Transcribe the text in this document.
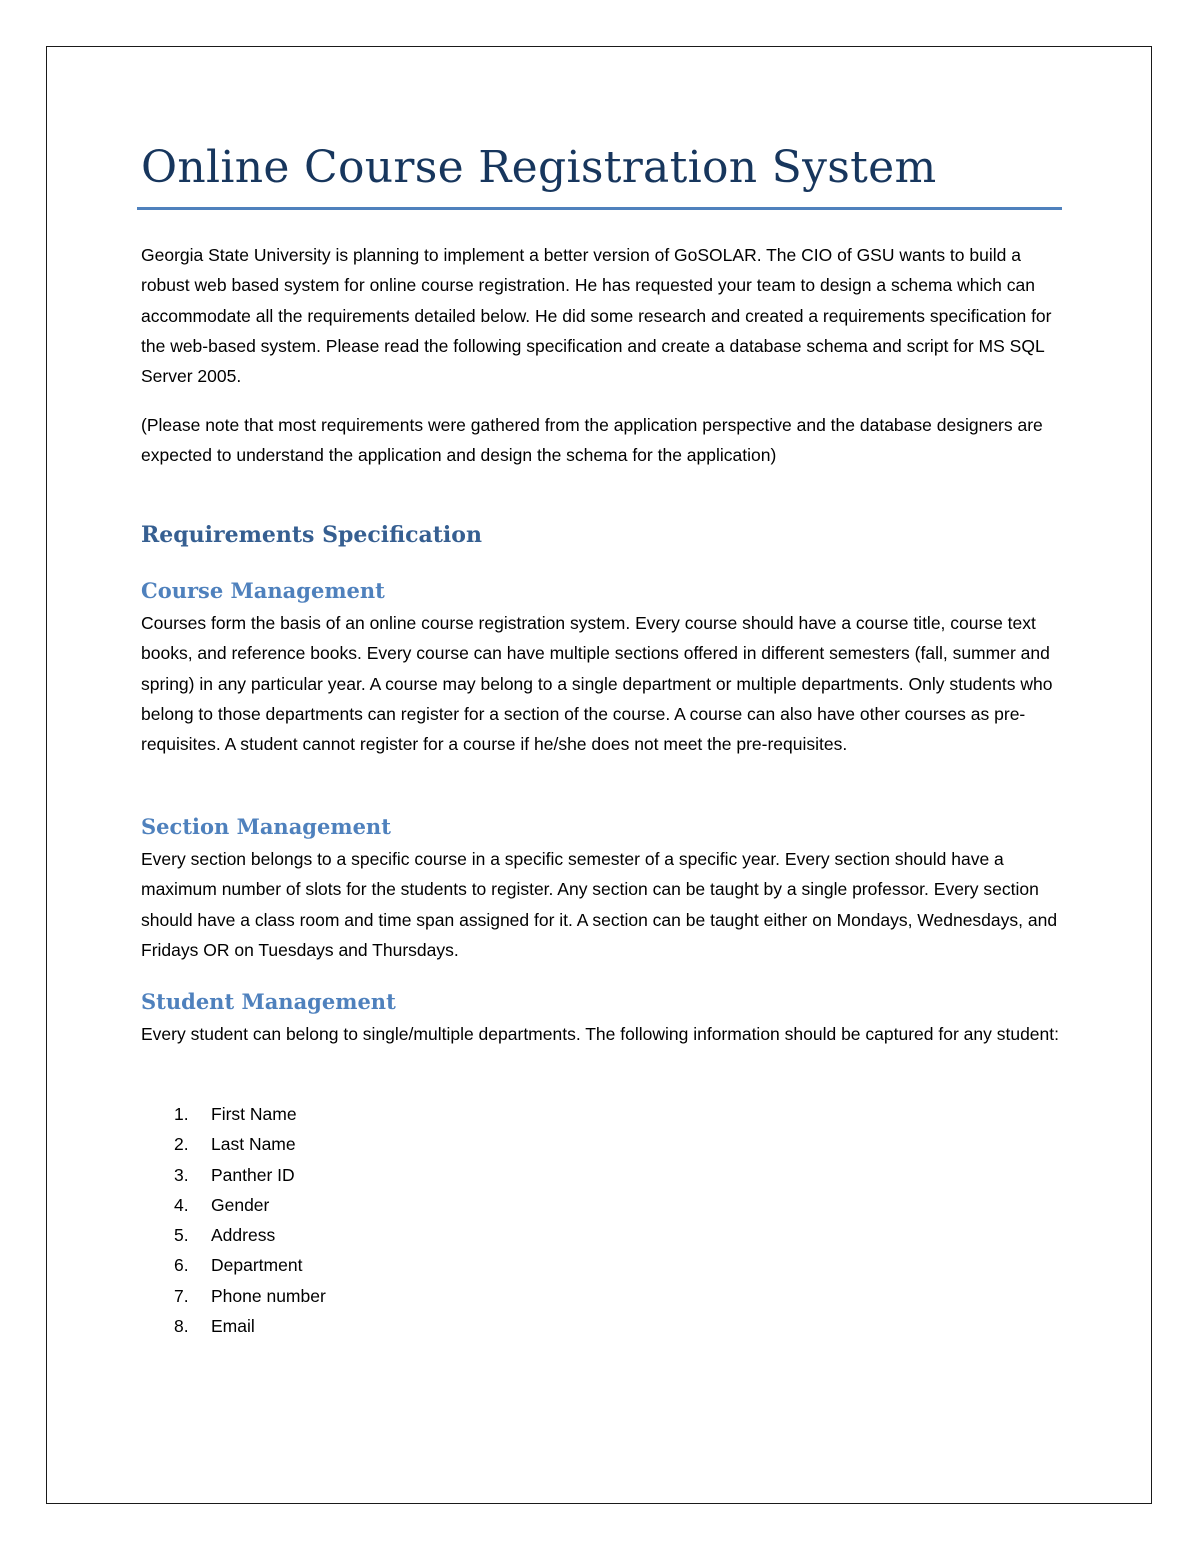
Online Course Registration System

Georgia State University is planning to implement a better version of GoSOLAR. The CIO of GSU wants to build a robust web based system for online course registration. He has requested your team to design a schema which can accommodate all the requirements detailed below. He did some research and created a requirements specification for the web-based system. Please read the following specification and create a database schema and script for MS SQL Server 2005.

(Please note that most requirements were gathered from the application perspective and the database designers are expected to understand the application and design the schema for the application)

Requirements Specification
Course Management

Courses form the basis of an online course registration system. Every course should have a course title, course text books, and reference books. Every course can have multiple sections offered in different semesters (fall, summer and spring) in any particular year. A course may belong to a single department or multiple departments. Only students who belong to those departments can register for a section of the course. A course can also have other courses as pre-requisites. A student cannot register for a course if he/she does not meet the pre-requisites.

Section Management

Every section belongs to a specific course in a specific semester of a specific year. Every section should have a maximum number of slots for the students to register. Any section can be taught by a single professor. Every section should have a class room and time span assigned for it. A section can be taught either on Mondays, Wednesdays, and Fridays OR on Tuesdays and Thursdays.

Student Management

Every student can belong to single/multiple departments. The following information should be captured for any student:

1.	First Name
2.	Last Name
3.	Panther ID
4.	Gender
5.	Address
6.	Department
7.	Phone number
8.	Email
